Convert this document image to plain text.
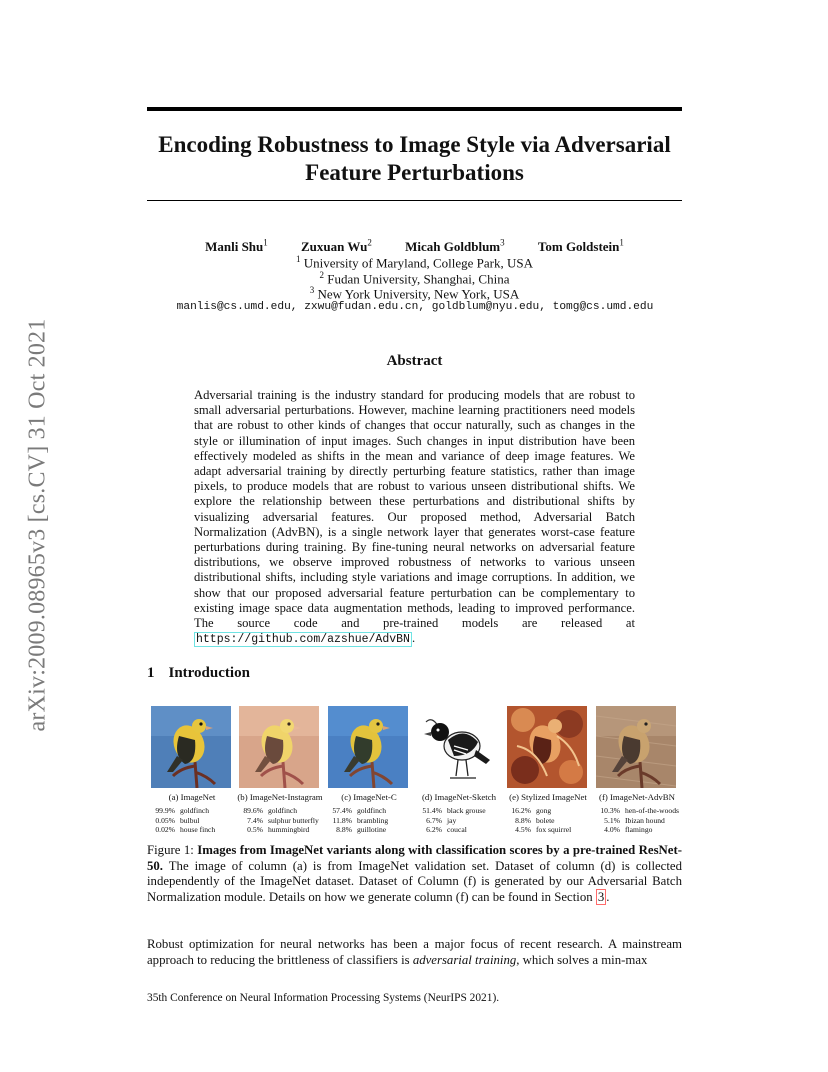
arXiv:2009.08965v3 [cs.CV] 31 Oct 2021
Encoding Robustness to Image Style via Adversarial
Feature Perturbations
Manli Shu$^1$	Zuxuan Wu$^2$	Micah Goldblum$^3$	Tom Goldstein$^1$
$^1$ University of Maryland, College Park, USA
$^2$ Fudan University, Shanghai, China
$^3$ New York University, New York, USA
manlis@cs.umd.edu, zxwu@fudan.edu.cn, goldblum@nyu.edu, tomg@cs.umd.edu
Abstract

Adversarial training is the industry standard for producing models that are robust to small adversarial perturbations. However, machine learning practitioners need models that are robust to other kinds of changes that occur naturally, such as changes in the style or illumination of input images. Such changes in input distribution have been effectively modeled as shifts in the mean and variance of deep image features. We adapt adversarial training by directly perturbing feature statistics, rather than image pixels, to produce models that are robust to various unseen distributional shifts. We explore the relationship between these perturbations and distributional shifts by visualizing adversarial features. Our proposed method, Adversarial Batch Normalization (AdvBN), is a single network layer that generates worst-case feature perturbations during training. By fine-tuning neural networks on adversarial feature distributions, we observe improved robustness of networks to various unseen distributional shifts, including style variations and image corruptions. In addition, we show that our proposed adversarial feature perturbation can be complementary to existing image space data augmentation methods, leading to improved performance. The source code and pre-trained models are released at https://github.com/azshue/AdvBN .

1 Introduction
(a) ImageNet
99.9% goldfinch
0.05% bulbul
0.02% house finch
(b) ImageNet-Instagram
89.6% goldfinch
7.4% sulphur butterfly
0.5% hummingbird
(c) ImageNet-C
57.4% goldfinch
11.8% brambling
8.8% guillotine
(d) ImageNet-Sketch
51.4% black grouse
6.7% jay
6.2% coucal
(e) Stylized ImageNet
16.2% gong
8.8% bolete
4.5% fox squirrel
(f) ImageNet-AdvBN
10.3% hen-of-the-woods
5.1% Ibizan hound
4.0% flamingo

Figure 1: Images from ImageNet variants along with classification scores by a pre-trained ResNet-50. The image of column (a) is from ImageNet validation set. Dataset of column (d) is collected independently of the ImageNet dataset. Dataset of Column (f) is generated by our Adversarial Batch Normalization module. Details on how we generate column (f) can be found in Section 3 .

Robust optimization for neural networks has been a major focus of recent research. A mainstream approach to reducing the brittleness of classifiers is adversarial training, which solves a min-max

35th Conference on Neural Information Processing Systems (NeurIPS 2021).
